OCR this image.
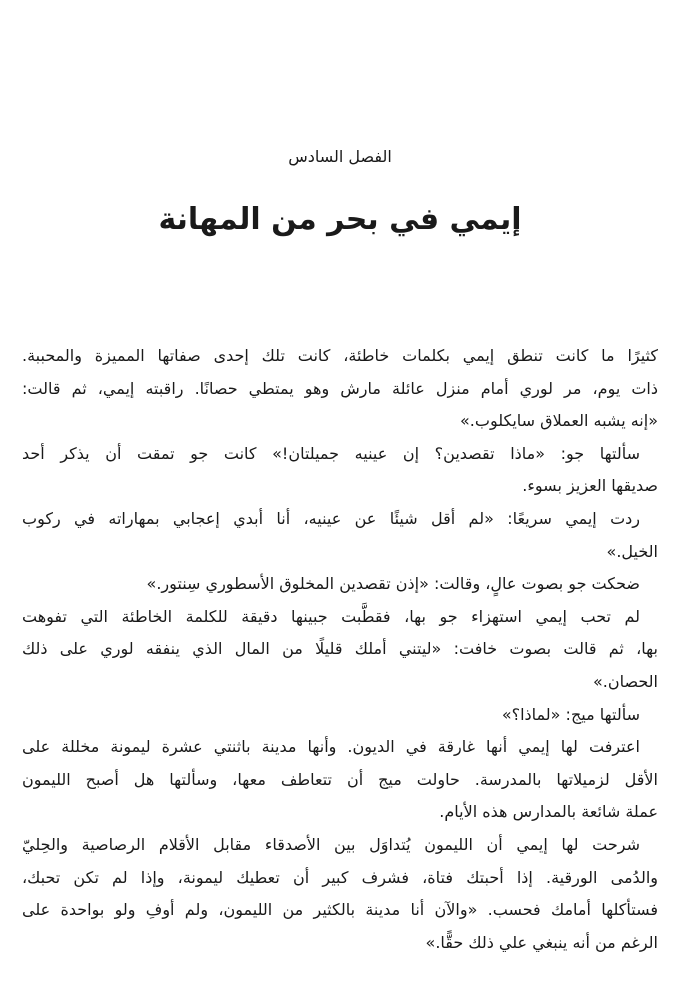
الفصل السادس
إيمي في بحر من المهانة
كثيرًا ما كانت تنطق إيمي بكلمات خاطئة، كانت تلك إحدى صفاتها المميزة والمحببة.
ذات يوم، مر لوري أمام منزل عائلة مارش وهو يمتطي حصانًا. راقبته إيمي، ثم قالت:
«إنه يشبه العملاق سايكلوب.»
سألتها جو: «ماذا تقصدين؟ إن عينيه جميلتان!» كانت جو تمقت أن يذكر أحد
صديقها العزيز بسوء.
ردت إيمي سريعًا: «لم أقل شيئًا عن عينيه، أنا أبدي إعجابي بمهاراته في ركوب
الخيل.»
ضحكت جو بصوت عالٍ، وقالت: «إذن تقصدين المخلوق الأسطوري سِنتور.»
لم تحب إيمي استهزاء جو بها، فقطَّبت جبينها دقيقة للكلمة الخاطئة التي تفوهت
بها، ثم قالت بصوت خافت: «ليتني أملك قليلًا من المال الذي ينفقه لوري على ذلك
الحصان.»
سألتها ميج: «لماذا؟»
اعترفت لها إيمي أنها غارقة في الديون. وأنها مدينة باثنتي عشرة ليمونة مخللة على
الأقل لزميلاتها بالمدرسة. حاولت ميج أن تتعاطف معها، وسألتها هل أصبح الليمون
عملة شائعة بالمدارس هذه الأيام.
شرحت لها إيمي أن الليمون يُتداوَل بين الأصدقاء مقابل الأقلام الرصاصية والحِليّ
والدُمى الورقية. إذا أحبتك فتاة، فشرف كبير أن تعطيك ليمونة، وإذا لم تكن تحبك،
فستأكلها أمامك فحسب. «والآن أنا مدينة بالكثير من الليمون، ولم أوفِ ولو بواحدة على
الرغم من أنه ينبغي علي ذلك حقًّا.»
